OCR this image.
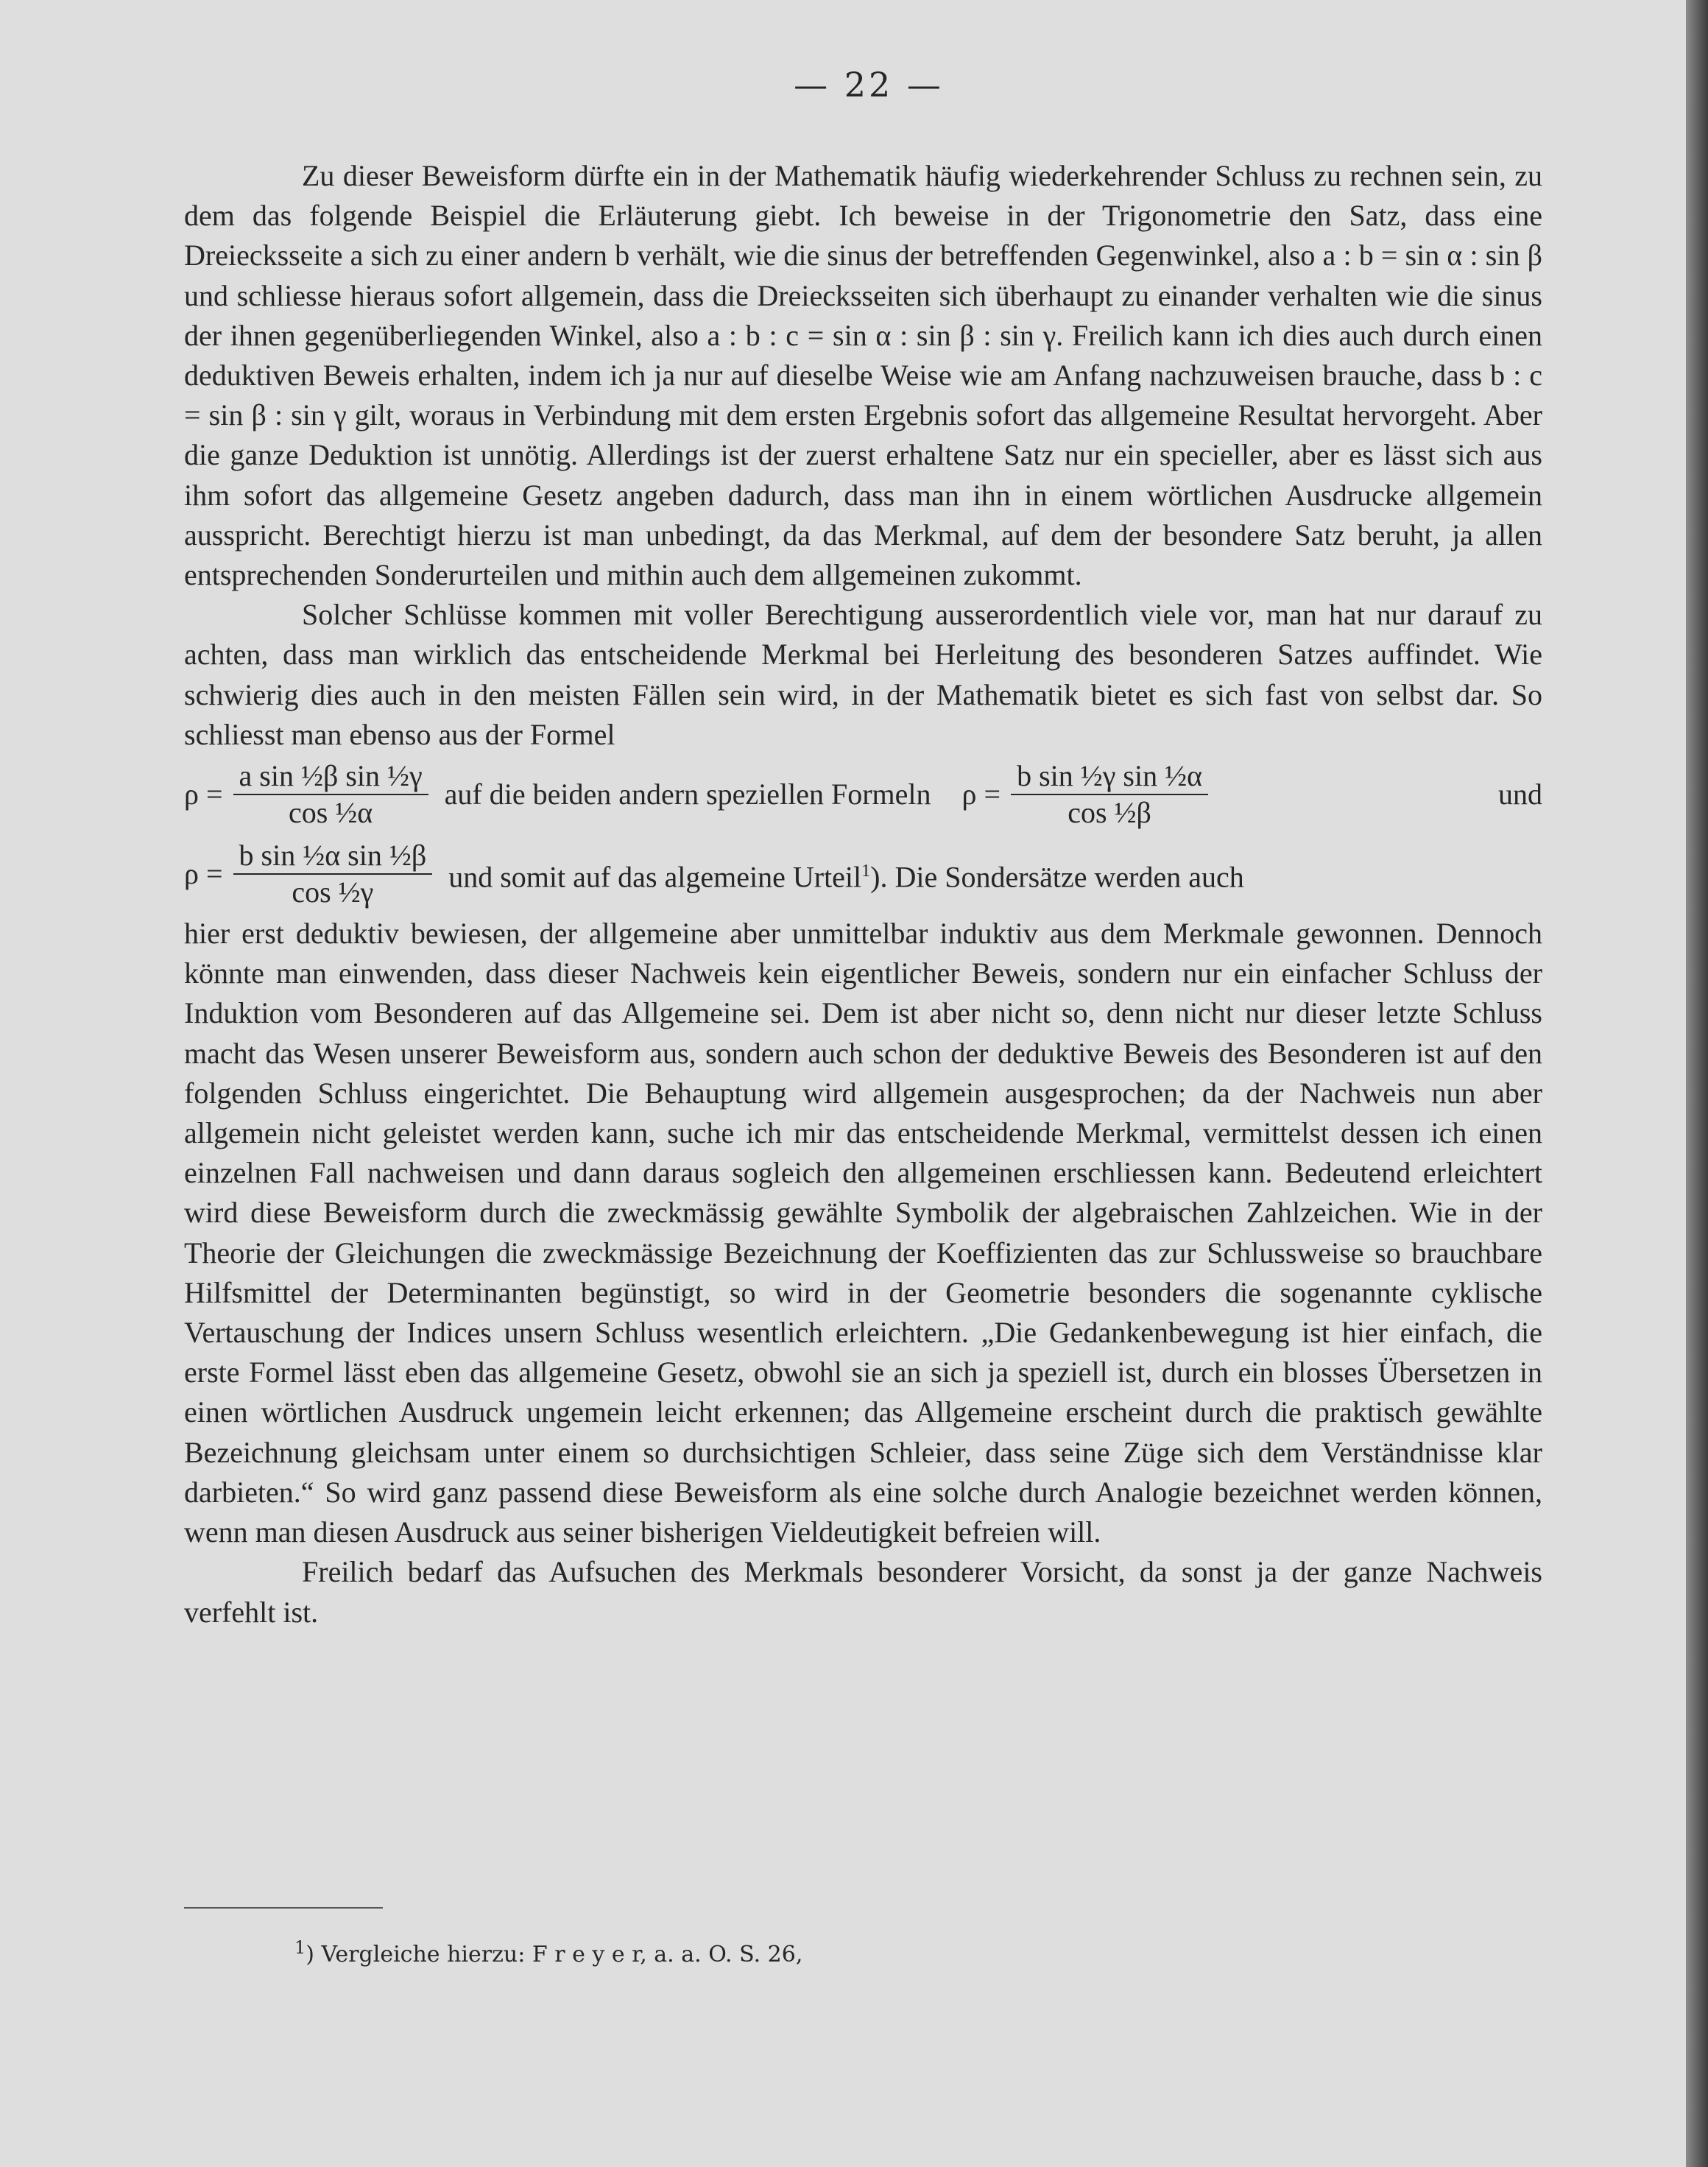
— 22 —

Zu dieser Beweisform dürfte ein in der Mathematik häufig wiederkehrender Schluss zu rechnen sein, zu dem das folgende Beispiel die Erläuterung giebt. Ich beweise in der Trigonometrie den Satz, dass eine Dreiecksseite a sich zu einer andern b verhält, wie die sinus der betreffenden Gegenwinkel, also a : b = sin α : sin β und schliesse hieraus sofort allgemein, dass die Dreiecksseiten sich überhaupt zu einander verhalten wie die sinus der ihnen gegenüberliegenden Winkel, also a : b : c = sin α : sin β : sin γ. Freilich kann ich dies auch durch einen deduktiven Beweis erhalten, indem ich ja nur auf dieselbe Weise wie am Anfang nachzuweisen brauche, dass b : c = sin β : sin γ gilt, woraus in Verbindung mit dem ersten Ergebnis sofort das allgemeine Resultat hervorgeht. Aber die ganze Deduktion ist unnötig. Allerdings ist der zuerst erhaltene Satz nur ein specieller, aber es lässt sich aus ihm sofort das allgemeine Gesetz angeben dadurch, dass man ihn in einem wörtlichen Ausdrucke allgemein ausspricht. Berechtigt hierzu ist man unbedingt, da das Merkmal, auf dem der besondere Satz beruht, ja allen entsprechenden Sonderurteilen und mithin auch dem allgemeinen zukommt.

Solcher Schlüsse kommen mit voller Berechtigung ausserordentlich viele vor, man hat nur darauf zu achten, dass man wirklich das entscheidende Merkmal bei Herleitung des besonderen Satzes auffindet. Wie schwierig dies auch in den meisten Fällen sein wird, in der Mathematik bietet es sich fast von selbst dar. So schliesst man ebenso aus der Formel

$\rho = \frac{\text{a sin ½β sin ½γ}}{\text{cos ½α}}$ auf die beiden andern speziellen Formeln $\rho = \frac{\text{b sin ½γ sin ½α}}{\text{cos ½β}}$	und
$\rho = \frac{\text{b sin ½α sin ½β}}{\text{cos ½γ}}$ und somit auf das algemeine Urteil$^1$). Die Sondersätze werden auch

hier erst deduktiv bewiesen, der allgemeine aber unmittelbar induktiv aus dem Merkmale gewonnen. Dennoch könnte man einwenden, dass dieser Nachweis kein eigentlicher Beweis, sondern nur ein einfacher Schluss der Induktion vom Besonderen auf das Allgemeine sei. Dem ist aber nicht so, denn nicht nur dieser letzte Schluss macht das Wesen unserer Beweisform aus, sondern auch schon der deduktive Beweis des Besonderen ist auf den folgenden Schluss eingerichtet. Die Behauptung wird allgemein ausgesprochen; da der Nachweis nun aber allgemein nicht geleistet werden kann, suche ich mir das entscheidende Merkmal, vermittelst dessen ich einen einzelnen Fall nachweisen und dann daraus sogleich den allgemeinen erschliessen kann. Bedeutend erleichtert wird diese Beweisform durch die zweckmässig gewählte Symbolik der algebraischen Zahlzeichen. Wie in der Theorie der Gleichungen die zweckmässige Bezeichnung der Koeffizienten das zur Schlussweise so brauchbare Hilfsmittel der Determinanten begünstigt, so wird in der Geometrie besonders die sogenannte cyklische Vertauschung der Indices unsern Schluss wesentlich erleichtern. „Die Gedankenbewegung ist hier einfach, die erste Formel lässt eben das allgemeine Gesetz, obwohl sie an sich ja speziell ist, durch ein blosses Übersetzen in einen wörtlichen Ausdruck ungemein leicht erkennen; das Allgemeine erscheint durch die praktisch gewählte Bezeichnung gleichsam unter einem so durchsichtigen Schleier, dass seine Züge sich dem Verständnisse klar darbieten.“ So wird ganz passend diese Beweisform als eine solche durch Analogie bezeichnet werden können, wenn man diesen Ausdruck aus seiner bisherigen Vieldeutigkeit befreien will.

Freilich bedarf das Aufsuchen des Merkmals besonderer Vorsicht, da sonst ja der ganze Nachweis verfehlt ist.

$^1$) Vergleiche hierzu: F r e y e r, a. a. O. S. 26,
